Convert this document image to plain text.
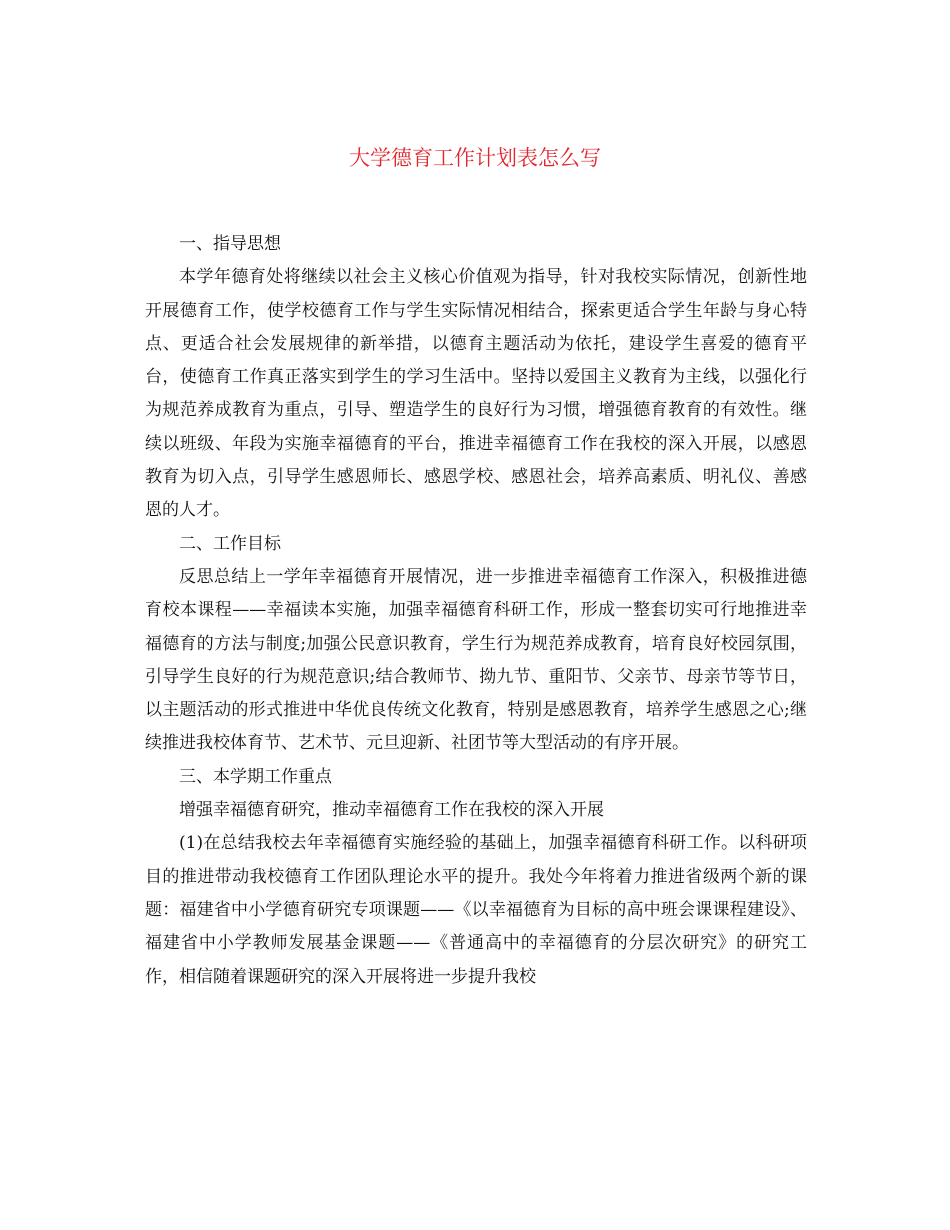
大学德育工作计划表怎么写

一、指导思想

本学年德育处将继续以社会主义核心价值观为指导，针对我校实际情况，创新性地开展德育工作，使学校德育工作与学生实际情况相结合，探索更适合学生年龄与身心特点、更适合社会发展规律的新举措，以德育主题活动为依托，建设学生喜爱的德育平台，使德育工作真正落实到学生的学习生活中。坚持以爱国主义教育为主线，以强化行为规范养成教育为重点，引导、塑造学生的良好行为习惯，增强德育教育的有效性。继续以班级、年段为实施幸福德育的平台，推进幸福德育工作在我校的深入开展，以感恩教育为切入点，引导学生感恩师长、感恩学校、感恩社会，培养高素质、明礼仪、善感恩的人才。

二、工作目标

反思总结上一学年幸福德育开展情况，进一步推进幸福德育工作深入，积极推进德育校本课程——幸福读本实施，加强幸福德育科研工作，形成一整套切实可行地推进幸福德育的方法与制度;加强公民意识教育，学生行为规范养成教育，培育良好校园氛围，引导学生良好的行为规范意识;结合教师节、拗九节、重阳节、父亲节、母亲节等节日，以主题活动的形式推进中华优良传统文化教育，特别是感恩教育，培养学生感恩之心;继续推进我校体育节、艺术节、元旦迎新、社团节等大型活动的有序开展。

三、本学期工作重点

增强幸福德育研究，推动幸福德育工作在我校的深入开展

(1)在总结我校去年幸福德育实施经验的基础上，加强幸福德育科研工作。以科研项目的推进带动我校德育工作团队理论水平的提升。我处今年将着力推进省级两个新的课题：福建省中小学德育研究专项课题——《以幸福德育为目标的高中班会课课程建设》、福建省中小学教师发展基金课题——《普通高中的幸福德育的分层次研究》的研究工作，相信随着课题研究的深入开展将进一步提升我校
